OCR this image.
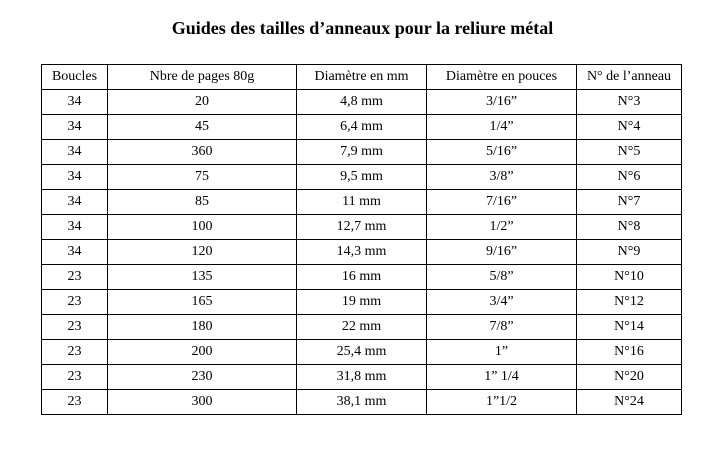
Guides des tailles d’anneaux pour la reliure métal
Boucles	Nbre de pages 80g	Diamètre en mm	Diamètre en pouces	N° de l’anneau
34	20	4,8 mm	3/16”	N°3
34	45	6,4 mm	1/4”	N°4
34	360	7,9 mm	5/16”	N°5
34	75	9,5 mm	3/8”	N°6
34	85	11 mm	7/16”	N°7
34	100	12,7 mm	1/2”	N°8
34	120	14,3 mm	9/16”	N°9
23	135	16 mm	5/8”	N°10
23	165	19 mm	3/4”	N°12
23	180	22 mm	7/8”	N°14
23	200	25,4 mm	1”	N°16
23	230	31,8 mm	1” 1/4	N°20
23	300	38,1 mm	1”1/2	N°24
